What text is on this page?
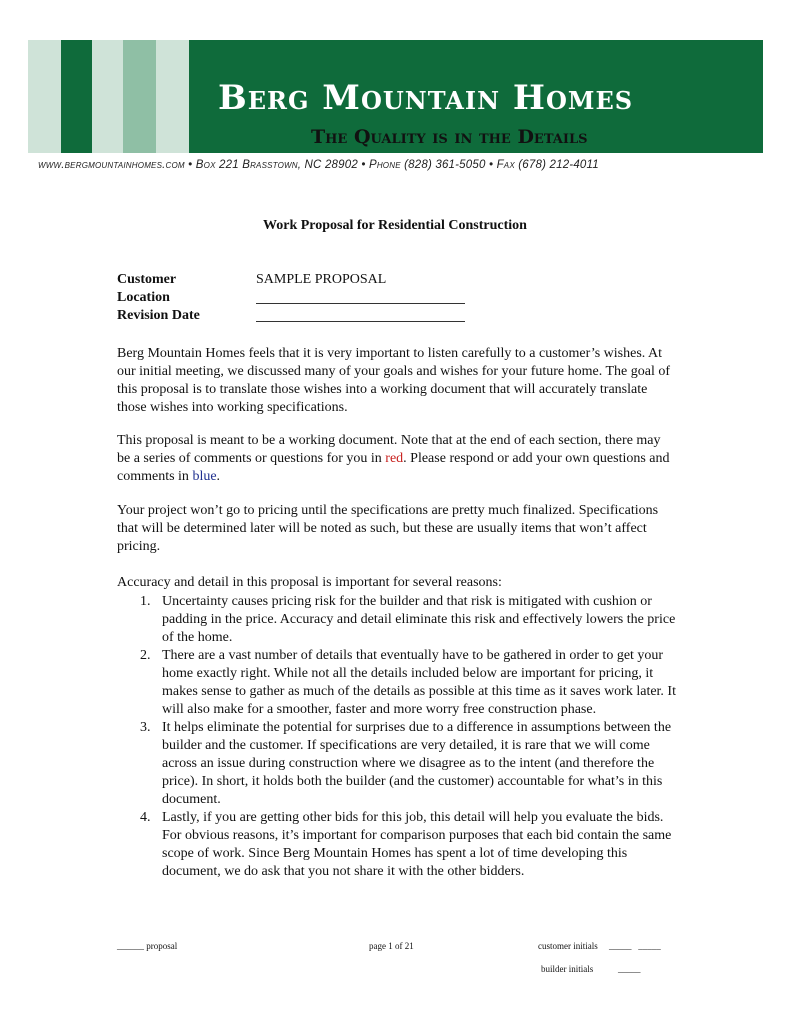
Berg Mountain Homes
The Quality is in the Details
www.bergmountainhomes.com • Box 221 Brasstown, NC 28902 • Phone (828) 361-5050 • Fax (678) 212-4011
Work Proposal for Residential Construction
Customer	SAMPLE PROPOSAL
Location
Revision Date

Berg Mountain Homes feels that it is very important to listen carefully to a customer’s wishes. At our initial meeting, we discussed many of your goals and wishes for your future home. The goal of this proposal is to translate those wishes into a working document that will accurately translate those wishes into working specifications.

This proposal is meant to be a working document. Note that at the end of each section, there may be a series of comments or questions for you in red. Please respond or add your own questions and comments in blue.

Your project won’t go to pricing until the specifications are pretty much finalized. Specifications that will be determined later will be noted as such, but these are usually items that won’t affect pricing.

Accuracy and detail in this proposal is important for several reasons:

1. Uncertainty causes pricing risk for the builder and that risk is mitigated with cushion or padding in the price. Accuracy and detail eliminate this risk and effectively lowers the price of the home.
2. There are a vast number of details that eventually have to be gathered in order to get your home exactly right. While not all the details included below are important for pricing, it makes sense to gather as much of the details as possible at this time as it saves work later. It will also make for a smoother, faster and more worry free construction phase.
3. It helps eliminate the potential for surprises due to a difference in assumptions between the builder and the customer. If specifications are very detailed, it is rare that we will come across an issue during construction where we disagree as to the intent (and therefore the price). In short, it holds both the builder (and the customer) accountable for what’s in this document.
4. Lastly, if you are getting other bids for this job, this detail will help you evaluate the bids. For obvious reasons, it’s important for comparison purposes that each bid contain the same scope of work. Since Berg Mountain Homes has spent a lot of time developing this document, we do ask that you not share it with the other bidders.
______ proposal	page 1 of 21	customer initials     _____   _____
builder initials           _____
